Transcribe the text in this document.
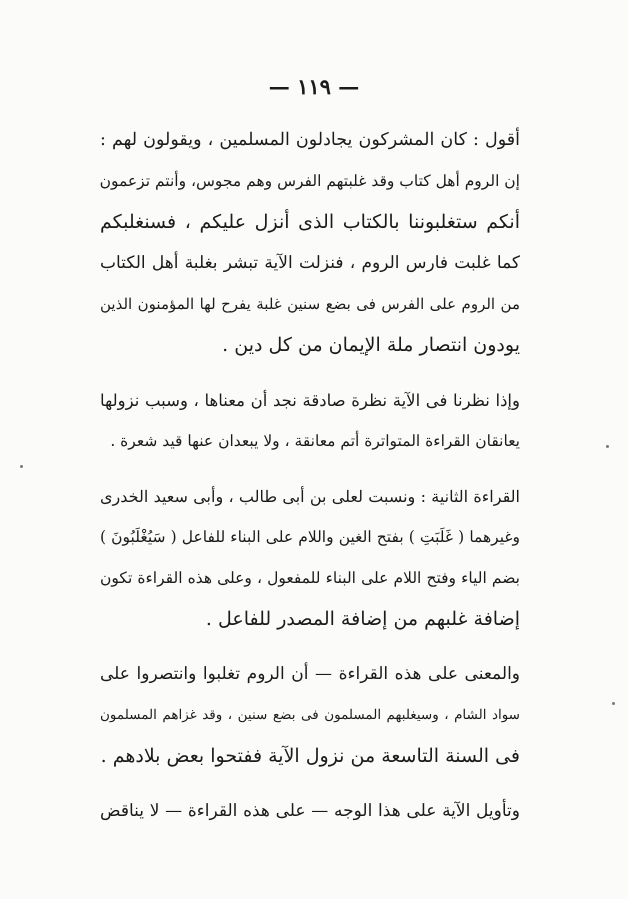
— ١١٩ —
أقول : كان المشركون يجادلون المسلمين ، ويقولون لهم :
إن الروم أهل كتاب وقد غلبتهم الفرس وهم مجوس، وأنتم تزعمون
أنكم ستغلبوننا بالكتاب الذى أنزل عليكم ، فسنغلبكم
كما غلبت فارس الروم ، فنزلت الآية تبشر بغلبة أهل الكتاب
من الروم على الفرس فى بضع سنين غلبة يفرح لها المؤمنون الذين
يودون انتصار ملة الإيمان من كل دين .
وإذا نظرنا فى الآية نظرة صادقة نجد أن معناها ، وسبب نزولها
يعانقان القراءة المتواترة أتم معانقة ، ولا يبعدان عنها قيد شعرة .
القراءة الثانية : ونسبت لعلى بن أبى طالب ، وأبى سعيد الخدرى
وغيرهما ( غَلَبَتِ ) بفتح الغين واللام على البناء للفاعل ( سَيُغْلَبُونَ )
بضم الياء وفتح اللام على البناء للمفعول ، وعلى هذه القراءة تكون
إضافة غلبهم من إضافة المصدر للفاعل .
والمعنى على هذه القراءة — أن الروم تغلبوا وانتصروا على
سواد الشام ، وسيغلبهم المسلمون فى بضع سنين ، وقد غزاهم المسلمون
فى السنة التاسعة من نزول الآية ففتحوا بعض بلادهم .
وتأويل الآية على هذا الوجه — على هذه القراءة — لا يناقض
